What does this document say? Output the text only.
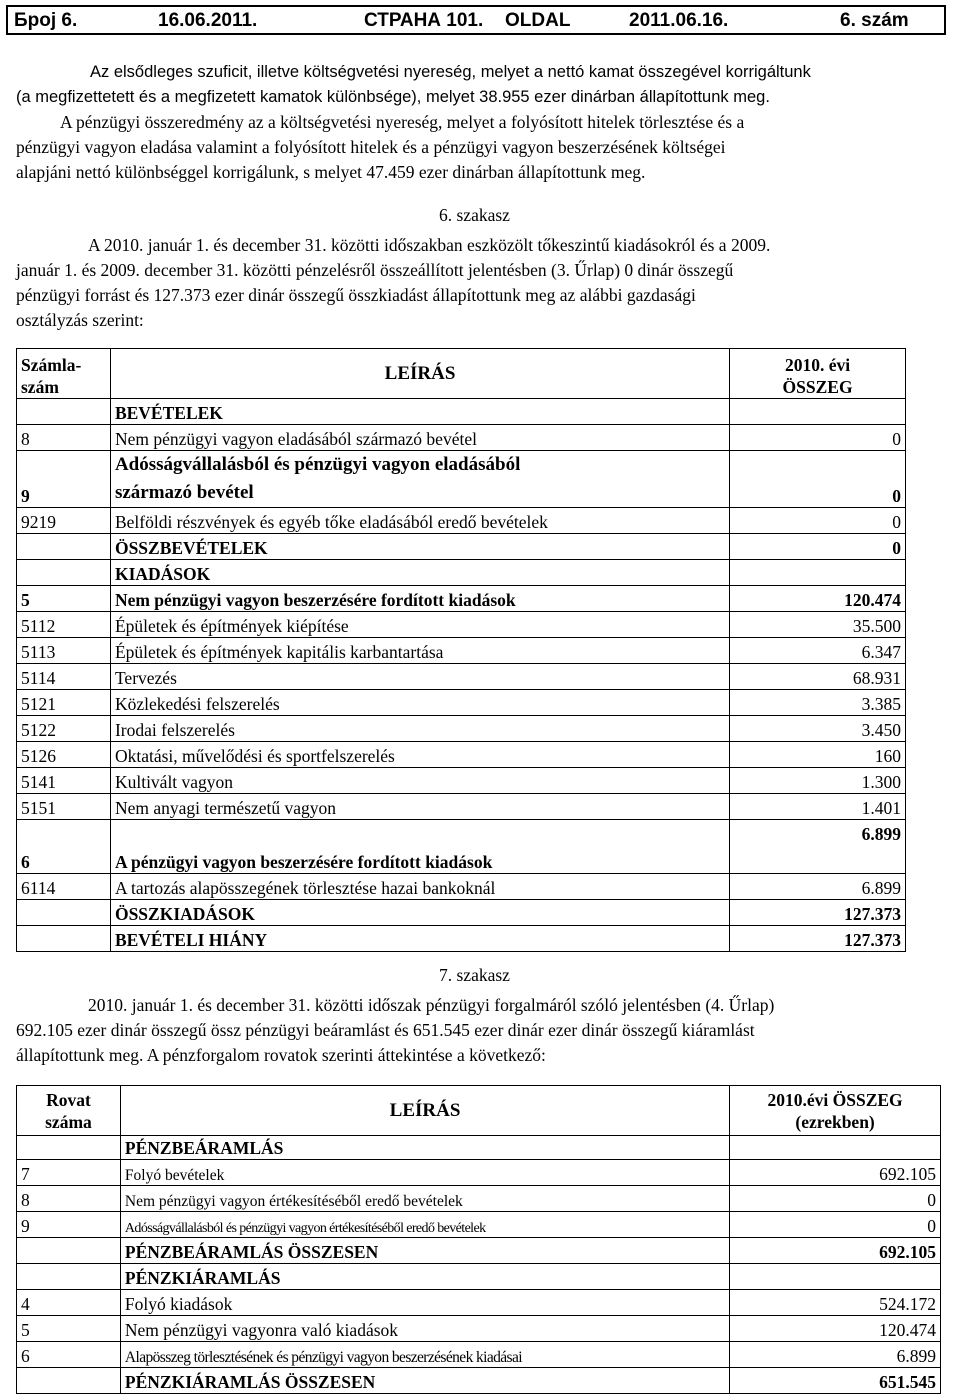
Број 6.	16.06.2011.	СТРАНА 101. OLDAL	2011.06.16.	6. szám
Az elsődleges szuficit, illetve költségvetési nyereség, melyet a nettó kamat összegével korrigáltunk
(a megfizettetett és a megfizetett kamatok különbsége), melyet 38.955 ezer dinárban állapítottunk meg.
A pénzügyi összeredmény az a költségvetési nyereség, melyet a folyósított hitelek törlesztése és a
pénzügyi vagyon eladása valamint a folyósított hitelek és a pénzügyi vagyon beszerzésének költségei
alapjáni nettó különbséggel korrigálunk, s melyet 47.459 ezer dinárban állapítottunk meg.
6. szakasz
A 2010. január 1. és december 31. közötti időszakban eszközölt tőkeszintű kiadásokról és a 2009.
január 1. és 2009. december 31. közötti pénzelésről összeállított jelentésben (3. Űrlap) 0 dinár összegű
pénzügyi forrást és 127.373 ezer dinár összegű összkiadást állapítottunk meg az alábbi gazdasági
osztályzás szerint:
Számla-
szám	LEÍRÁS	2010. évi
ÖSSZEG
	BEVÉTELEK	
8	Nem pénzügyi vagyon eladásából származó bevétel	0
9	Adósságvállalásból és pénzügyi vagyon eladásából
származó bevétel	0
9219	Belföldi részvények és egyéb tőke eladásából eredő bevételek	0
	ÖSSZBEVÉTELEK	0
	KIADÁSOK	
5	Nem pénzügyi vagyon beszerzésére fordított kiadások	120.474
5112	Épületek és építmények kiépítése	35.500
5113	Épületek és építmények kapitális karbantartása	6.347
5114	Tervezés	68.931
5121	Közlekedési felszerelés	3.385
5122	Irodai felszerelés	3.450
5126	Oktatási, művelődési és sportfelszerelés	160
5141	Kultivált vagyon	1.300
5151	Nem anyagi természetű vagyon	1.401
6	A pénzügyi vagyon beszerzésére fordított kiadások	6.899
6114	A tartozás alapösszegének törlesztése hazai bankoknál	6.899
	ÖSSZKIADÁSOK	127.373
	BEVÉTELI HIÁNY	127.373
7. szakasz
2010. január 1. és december 31. közötti időszak pénzügyi forgalmáról szóló jelentésben (4. Űrlap)
692.105 ezer dinár összegű össz pénzügyi beáramlást és 651.545 ezer dinár ezer dinár összegű kiáramlást
állapítottunk meg. A pénzforgalom rovatok szerinti áttekintése a következő:
Rovat
száma	LEÍRÁS	2010.évi ÖSSZEG
(ezrekben)
	PÉNZBEÁRAMLÁS	
7	Folyó bevételek	692.105
8	Nem pénzügyi vagyon értékesítéséből eredő bevételek	0
9	Adósságvállalásból és pénzügyi vagyon értékesítéséből eredő bevételek	0
	PÉNZBEÁRAMLÁS ÖSSZESEN	692.105
	PÉNZKIÁRAMLÁS	
4	Folyó kiadások	524.172
5	Nem pénzügyi vagyonra való kiadások	120.474
6	Alapösszeg törlesztésének és pénzügyi vagyon beszerzésének kiadásai	6.899
	PÉNZKIÁRAMLÁS ÖSSZESEN	651.545
